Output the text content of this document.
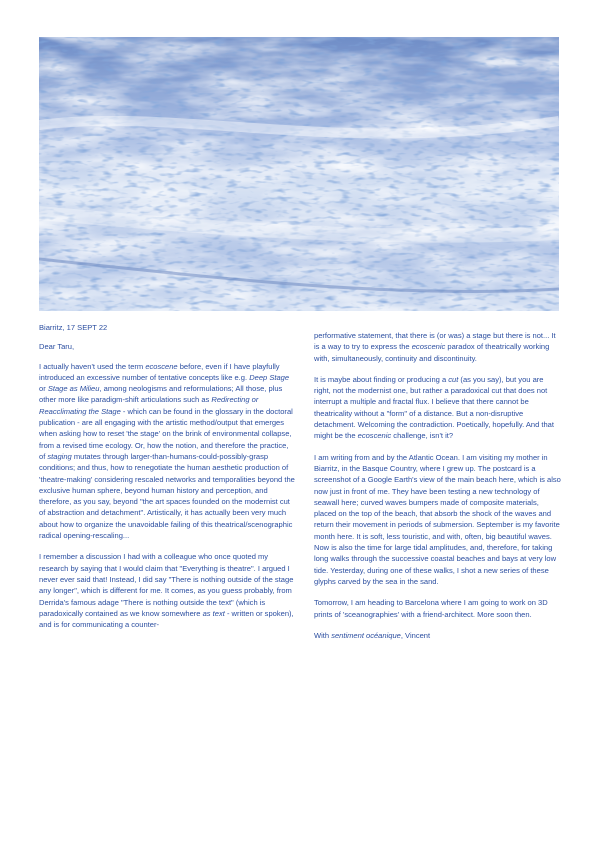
Biarritz, 17 SEPT 22

Dear Taru,

I actually haven't used the term ecoscene before, even if I have playfully introduced an excessive number of tentative concepts like e.g. Deep Stage or Stage as Milieu, among neologisms and reformulations; All those, plus other more like paradigm-shift articulations such as Redirecting or Reacclimating the Stage - which can be found in the glossary in the doctoral publication - are all engaging with the artistic method/output that emerges when asking how to reset 'the stage' on the brink of environmental collapse, from a revised time ecology. Or, how the notion, and therefore the practice, of staging mutates through larger-than-humans-could-possibly-grasp conditions; and thus, how to renegotiate the human aesthetic production of 'theatre-making' considering rescaled networks and temporalities beyond the exclusive human sphere, beyond human history and perception, and therefore, as you say, beyond "the art spaces founded on the modernist cut of abstraction and detachment". Artistically, it has actually been very much about how to organize the unavoidable failing of this theatrical/scenographic radical opening-rescaling...

I remember a discussion I had with a colleague who once quoted my research by saying that I would claim that "Everything is theatre". I argued I never ever said that! Instead, I did say "There is nothing outside of the stage any longer", which is different for me. It comes, as you guess probably, from Derrida's famous adage "There is nothing outside the text" (which is paradoxically contained as we know somewhere as text - written or spoken), and is for communicating a counter-

performative statement, that there is (or was) a stage but there is not... It is a way to try to express the ecoscenic paradox of theatrically working with, simultaneously, continuity and discontinuity.

It is maybe about finding or producing a cut (as you say), but you are right, not the modernist one, but rather a paradoxical cut that does not interrupt a multiple and fractal flux. I believe that there cannot be theatricality without a "form" of a distance. But a non-disruptive detachment. Welcoming the contradiction. Poetically, hopefully. And that might be the ecoscenic challenge, isn't it?

I am writing from and by the Atlantic Ocean. I am visiting my mother in Biarritz, in the Basque Country, where I grew up. The postcard is a screenshot of a Google Earth's view of the main beach here, which is also now just in front of me. They have been testing a new technology of seawall here; curved waves bumpers made of composite materials, placed on the top of the beach, that absorb the shock of the waves and return their movement in periods of submersion. September is my favorite month here. It is soft, less touristic, and with, often, big beautiful waves. Now is also the time for large tidal amplitudes, and, therefore, for taking long walks through the successive coastal beaches and bays at very low tide. Yesterday, during one of these walks, I shot a new series of these glyphs carved by the sea in the sand.

Tomorrow, I am heading to Barcelona where I am going to work on 3D prints of 'sceanographies' with a friend-architect. More soon then.

With sentiment océanique, Vincent
